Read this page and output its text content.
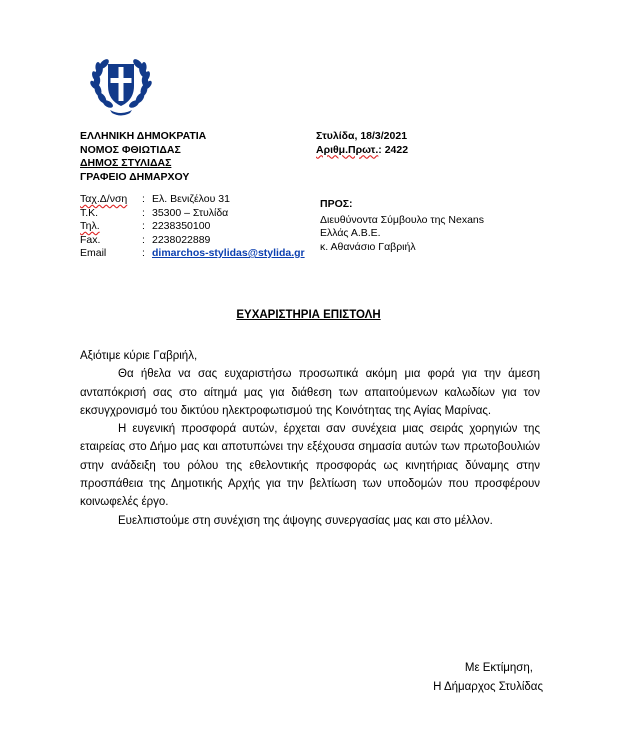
ΕΛΛΗΝΙΚΗ ΔΗΜΟΚΡΑΤΙΑ
ΝΟΜΟΣ ΦΘΙΩΤΙΔΑΣ
ΔΗΜΟΣ ΣΤΥΛΙΔΑΣ
ΓΡΑΦΕΙΟ ΔΗΜΑΡΧΟΥ
Ταχ.Δ/νση	: Ελ. Βενιζέλου 31
Τ.Κ.	: 35300 – Στυλίδα
Τηλ.	: 2238350100
Fax.	: 2238022889
Email	: dimarchos-stylidas@stylida.gr
Στυλίδα, 18/3/2021
Αριθμ.Πρωτ.: 2422
ΠΡΟΣ:
Διευθύνοντα Σύμβουλο της Nexans
Ελλάς Α.Β.Ε.
κ. Αθανάσιο Γαβριήλ
ΕΥΧΑΡΙΣΤΗΡΙΑ ΕΠΙΣΤΟΛΗ

Αξιότιμε κύριε Γαβριήλ,

Θα ήθελα να σας ευχαριστήσω προσωπικά ακόμη μια φορά για την άμεση ανταπόκρισή σας στο αίτημά μας για διάθεση των απαιτούμενων καλωδίων για τον εκσυγχρονισμό του δικτύου ηλεκτροφωτισμού της Κοινότητας της Αγίας Μαρίνας.

Η ευγενική προσφορά αυτών, έρχεται σαν συνέχεια μιας σειράς χορηγιών της εταιρείας στο Δήμο μας και αποτυπώνει την εξέχουσα σημασία αυτών των πρωτοβουλιών στην ανάδειξη του ρόλου της εθελοντικής προσφοράς ως κινητήριας δύναμης στην προσπάθεια της Δημοτικής Αρχής για την βελτίωση των υποδομών που προσφέρουν κοινωφελές έργο.

Ευελπιστούμε στη συνέχιση της άψογης συνεργασίας μας και στο μέλλον.

Με Εκτίμηση,
Η Δήμαρχος Στυλίδας
